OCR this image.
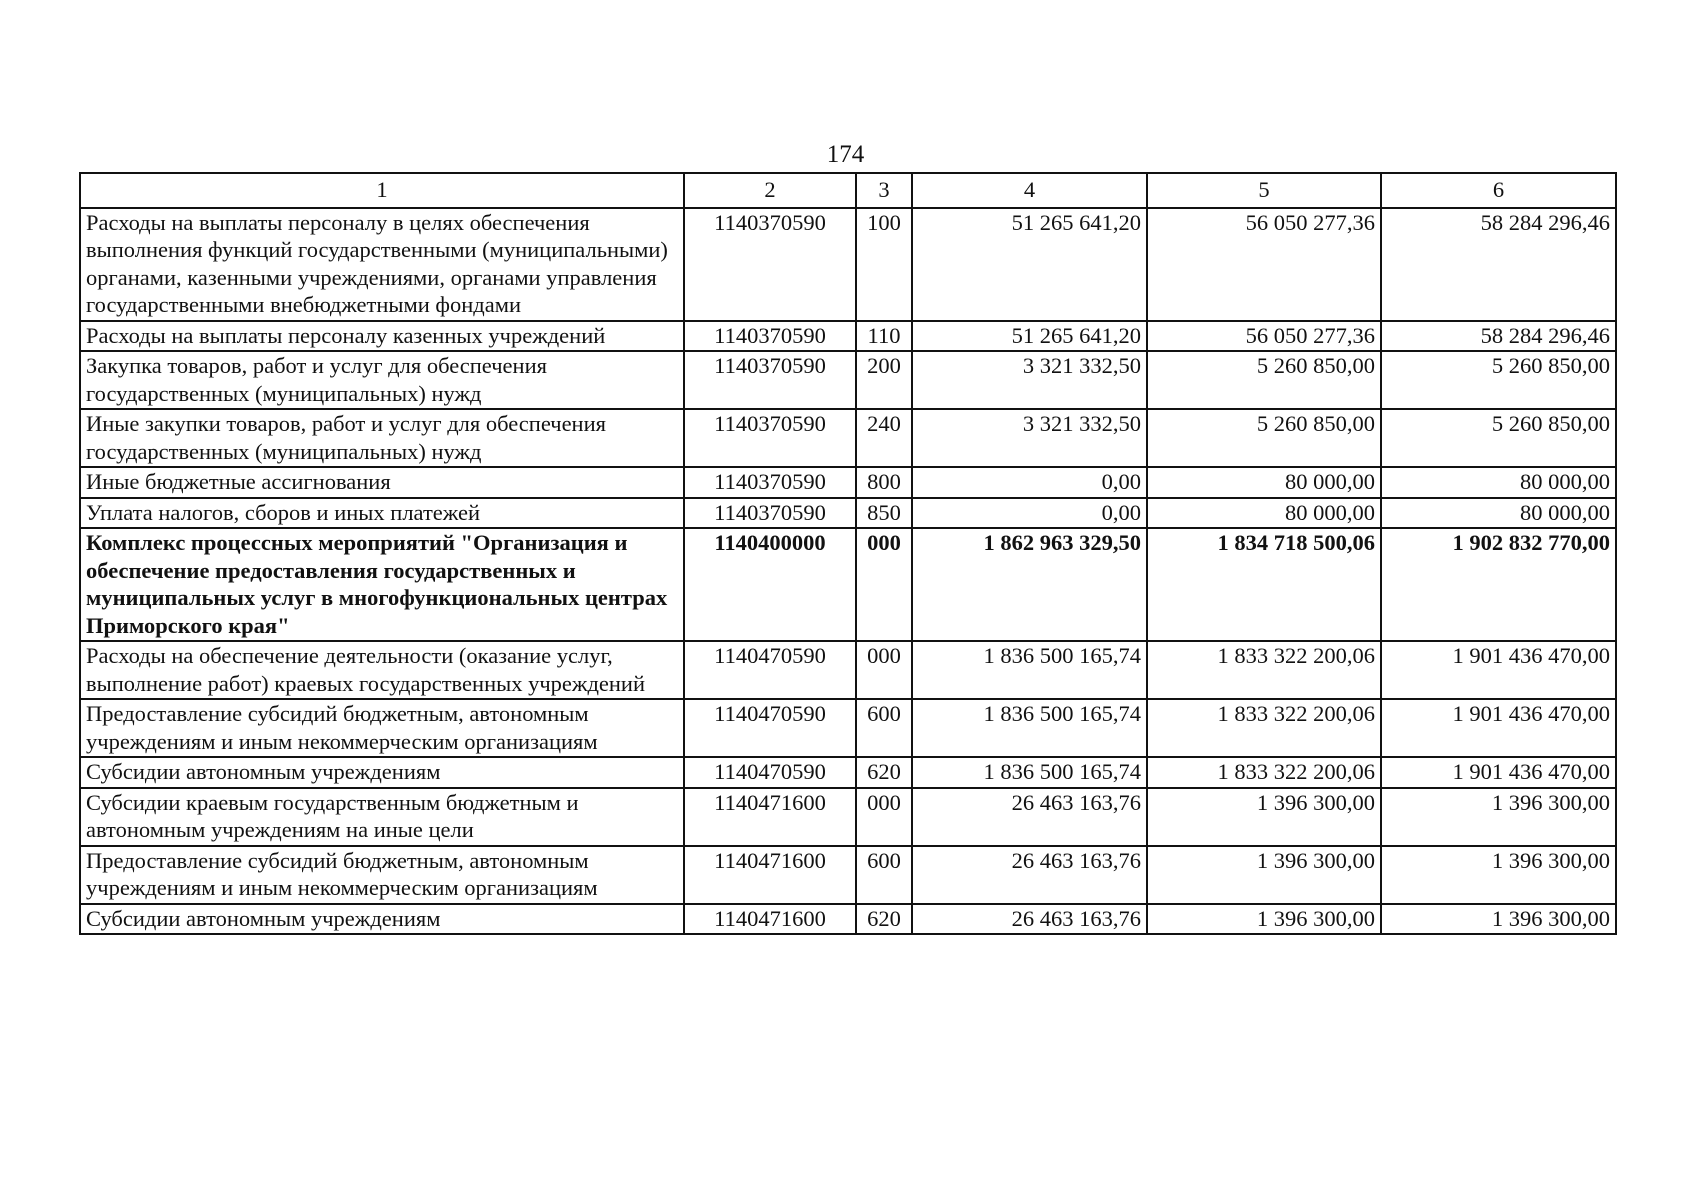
174
1	2	3	4	5	6
Расходы на выплаты персоналу в целях обеспечения выполнения функций государственными (муниципальными) органами, казенными учреждениями, органами управления государственными внебюджетными фондами	1140370590	100	51 265 641,20	56 050 277,36	58 284 296,46
Расходы на выплаты персоналу казенных учреждений	1140370590	110	51 265 641,20	56 050 277,36	58 284 296,46
Закупка товаров, работ и услуг для обеспечения государственных (муниципальных) нужд	1140370590	200	3 321 332,50	5 260 850,00	5 260 850,00
Иные закупки товаров, работ и услуг для обеспечения государственных (муниципальных) нужд	1140370590	240	3 321 332,50	5 260 850,00	5 260 850,00
Иные бюджетные ассигнования	1140370590	800	0,00	80 000,00	80 000,00
Уплата налогов, сборов и иных платежей	1140370590	850	0,00	80 000,00	80 000,00
Комплекс процессных мероприятий "Организация и обеспечение предоставления государственных и муниципальных услуг в многофункциональных центрах Приморского края"	1140400000	000	1 862 963 329,50	1 834 718 500,06	1 902 832 770,00
Расходы на обеспечение деятельности (оказание услуг, выполнение работ) краевых государственных учреждений	1140470590	000	1 836 500 165,74	1 833 322 200,06	1 901 436 470,00
Предоставление субсидий бюджетным, автономным учреждениям и иным некоммерческим организациям	1140470590	600	1 836 500 165,74	1 833 322 200,06	1 901 436 470,00
Субсидии автономным учреждениям	1140470590	620	1 836 500 165,74	1 833 322 200,06	1 901 436 470,00
Субсидии краевым государственным бюджетным и автономным учреждениям на иные цели	1140471600	000	26 463 163,76	1 396 300,00	1 396 300,00
Предоставление субсидий бюджетным, автономным учреждениям и иным некоммерческим организациям	1140471600	600	26 463 163,76	1 396 300,00	1 396 300,00
Субсидии автономным учреждениям	1140471600	620	26 463 163,76	1 396 300,00	1 396 300,00
